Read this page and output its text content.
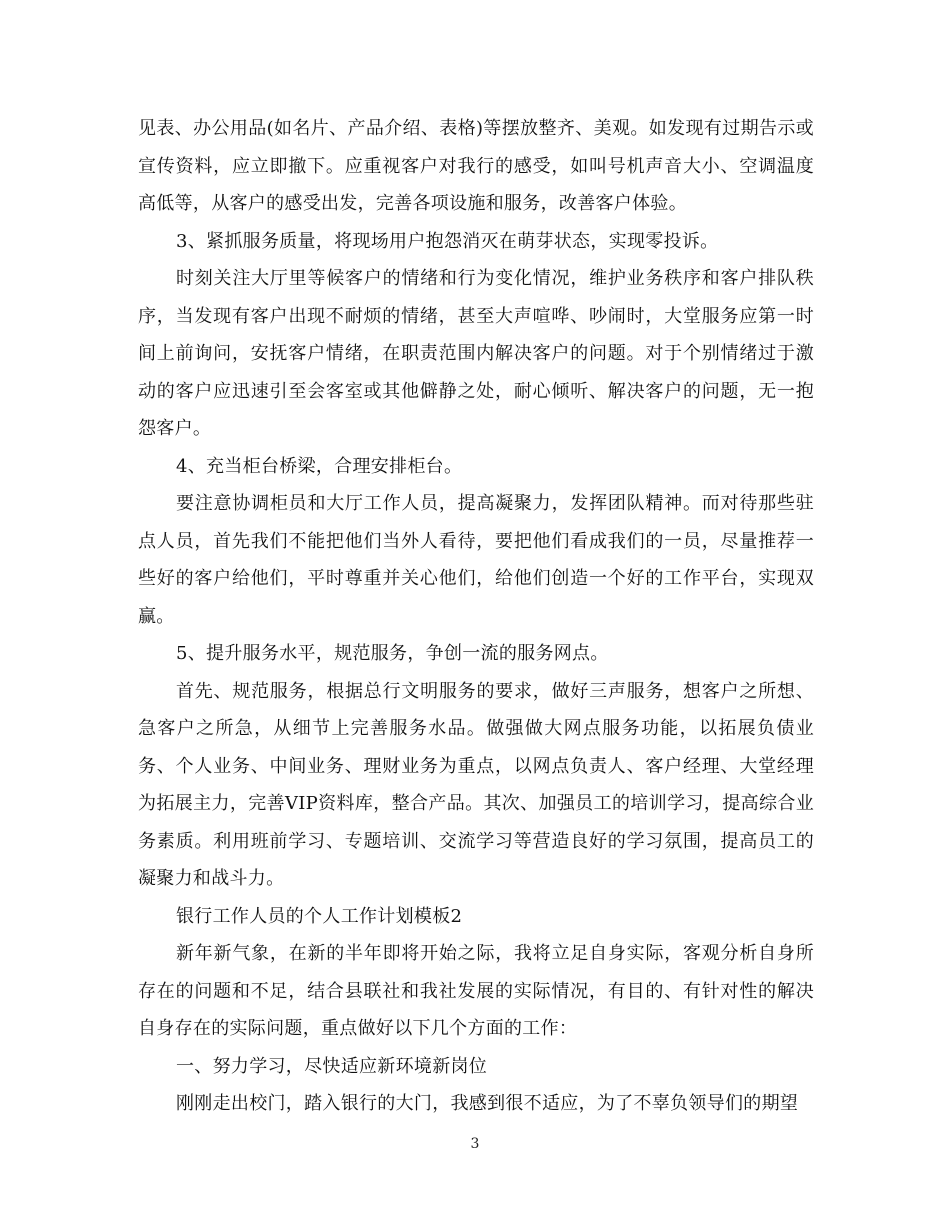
见表、办公用品(如名片、产品介绍、表格)等摆放整齐、美观。如发现有过期告示或宣传资料，应立即撤下。应重视客户对我行的感受，如叫号机声音大小、空调温度高低等，从客户的感受出发，完善各项设施和服务，改善客户体验。

3、紧抓服务质量，将现场用户抱怨消灭在萌芽状态，实现零投诉。

时刻关注大厅里等候客户的情绪和行为变化情况，维护业务秩序和客户排队秩序，当发现有客户出现不耐烦的情绪，甚至大声喧哗、吵闹时，大堂服务应第一时间上前询问，安抚客户情绪，在职责范围内解决客户的问题。对于个别情绪过于激动的客户应迅速引至会客室或其他僻静之处，耐心倾听、解决客户的问题，无一抱怨客户。

4、充当柜台桥梁，合理安排柜台。

要注意协调柜员和大厅工作人员，提高凝聚力，发挥团队精神。而对待那些驻点人员，首先我们不能把他们当外人看待，要把他们看成我们的一员，尽量推荐一些好的客户给他们，平时尊重并关心他们，给他们创造一个好的工作平台，实现双赢。

5、提升服务水平，规范服务，争创一流的服务网点。

首先、规范服务，根据总行文明服务的要求，做好三声服务，想客户之所想、急客户之所急，从细节上完善服务水品。做强做大网点服务功能，以拓展负债业务、个人业务、中间业务、理财业务为重点，以网点负责人、客户经理、大堂经理为拓展主力，完善VIP资料库，整合产品。其次、加强员工的培训学习，提高综合业务素质。利用班前学习、专题培训、交流学习等营造良好的学习氛围，提高员工的凝聚力和战斗力。

银行工作人员的个人工作计划模板2

新年新气象，在新的半年即将开始之际，我将立足自身实际，客观分析自身所存在的问题和不足，结合县联社和我社发展的实际情况，有目的、有针对性的解决自身存在的实际问题，重点做好以下几个方面的工作：

一、努力学习，尽快适应新环境新岗位

刚刚走出校门，踏入银行的大门，我感到很不适应，为了不辜负领导们的期望

3
